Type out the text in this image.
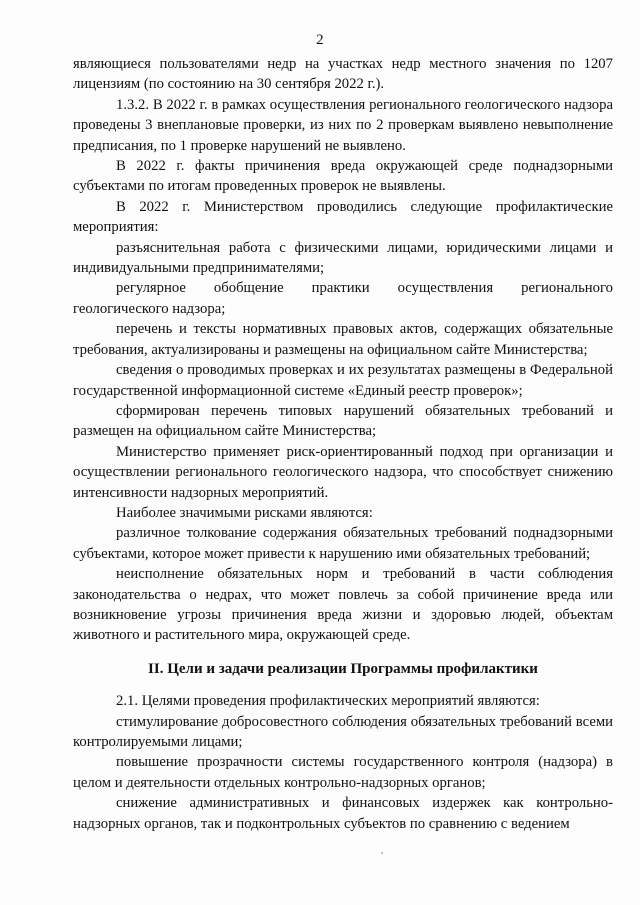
2

являющиеся пользователями недр на участках недр местного значения по 1207 лицензиям (по состоянию на 30 сентября 2022 г.).

1.3.2. В 2022 г. в рамках осуществления регионального геологического надзора проведены 3 внеплановые проверки, из них по 2 проверкам выявлено невыполнение предписания, по 1 проверке нарушений не выявлено.

В 2022 г. факты причинения вреда окружающей среде поднадзорными субъектами по итогам проведенных проверок не выявлены.

В 2022 г. Министерством проводились следующие профилактические мероприятия:

разъяснительная работа с физическими лицами, юридическими лицами и индивидуальными предпринимателями;

регулярное обобщение практики осуществления регионального геологического надзора;

перечень и тексты нормативных правовых актов, содержащих обязательные требования, актуализированы и размещены на официальном сайте Министерства;

сведения о проводимых проверках и их результатах размещены в Федеральной государственной информационной системе «Единый реестр проверок»;

сформирован перечень типовых нарушений обязательных требований и размещен на официальном сайте Министерства;

Министерство применяет риск-ориентированный подход при организации и осуществлении регионального геологического надзора, что способствует снижению интенсивности надзорных мероприятий.

Наиболее значимыми рисками являются:

различное толкование содержания обязательных требований поднадзорными субъектами, которое может привести к нарушению ими обязательных требований;

неисполнение обязательных норм и требований в части соблюдения законодательства о недрах, что может повлечь за собой причинение вреда или возникновение угрозы причинения вреда жизни и здоровью людей, объектам животного и растительного мира, окружающей среде.

II. Цели и задачи реализации Программы профилактики

2.1. Целями проведения профилактических мероприятий являются:

стимулирование добросовестного соблюдения обязательных требований всеми контролируемыми лицами;

повышение прозрачности системы государственного контроля (надзора) в целом и деятельности отдельных контрольно-надзорных органов;

снижение административных и финансовых издержек как контрольно-надзорных органов, так и подконтрольных субъектов по сравнению с ведением
